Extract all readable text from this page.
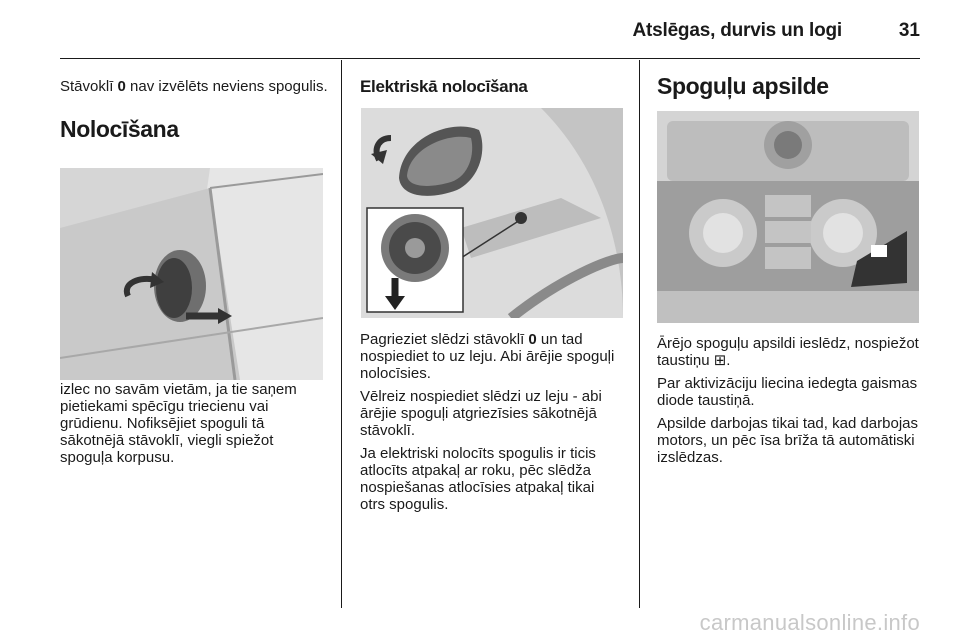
Atslēgas, durvis un logi	31

Stāvoklī 0 nav izvēlēts neviens spogulis.

Nolocīšana

izlec no savām vietām, ja tie saņem pietiekami spēcīgu triecienu vai grūdienu. Nofiksējiet spoguli tā sākotnējā stāvoklī, viegli spiežot spoguļa korpusu.

Elektriskā nolocīšana

Pagrieziet slēdzi stāvoklī 0 un tad nospiediet to uz leju. Abi ārējie spoguļi nolocīsies.

Vēlreiz nospiediet slēdzi uz leju - abi ārējie spoguļi atgriezīsies sākotnējā stāvoklī.

Ja elektriski nolocīts spogulis ir ticis atlocīts atpakaļ ar roku, pēc slēdža nospiešanas atlocīsies atpakaļ tikai otrs spogulis.

Spoguļu apsilde

Ārējo spoguļu apsildi ieslēdz, nospiežot taustiņu ⊞.

Par aktivizāciju liecina iedegta gaismas diode taustiņā.

Apsilde darbojas tikai tad, kad darbojas motors, un pēc īsa brīža tā automātiski izslēdzas.

carmanualsonline.info
